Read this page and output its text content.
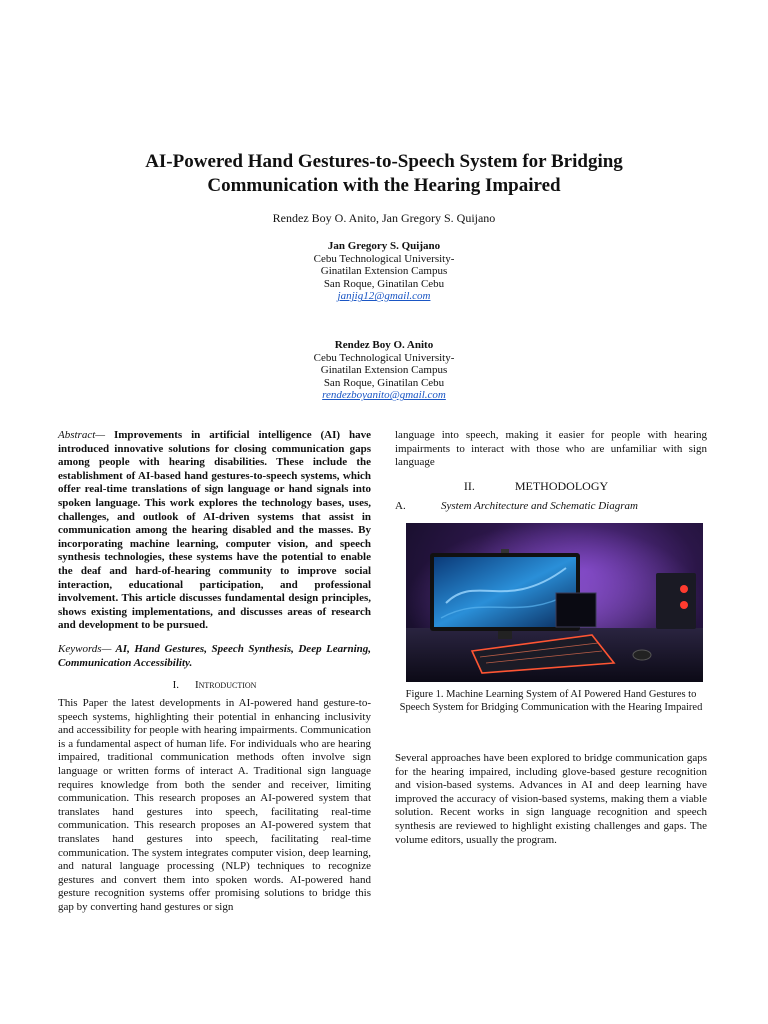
AI-Powered Hand Gestures-to-Speech System for Bridging
Communication with the Hearing Impaired
Rendez Boy O. Anito, Jan Gregory S. Quijano
Jan Gregory S. Quijano
Cebu Technological University-
Ginatilan Extension Campus
San Roque, Ginatilan Cebu
janjig12@gmail.com
Rendez Boy O. Anito
Cebu Technological University-
Ginatilan Extension Campus
San Roque, Ginatilan Cebu
rendezboyanito@gmail.com

Abstract— Improvements in artificial intelligence (AI) have introduced innovative solutions for closing communication gaps among people with hearing disabilities. These include the establishment of AI-based hand gestures-to-speech systems, which offer real-time translations of sign language or hand signals into spoken language. This work explores the technology bases, uses, challenges, and outlook of AI-driven systems that assist in communication among the hearing disabled and the masses. By incorporating machine learning, computer vision, and speech synthesis technologies, these systems have the potential to enable the deaf and hard-of-hearing community to improve social interaction, educational participation, and professional involvement. This article discusses fundamental design principles, shows existing implementations, and discusses areas of research and development to be pursued.

Keywords— AI, Hand Gestures, Speech Synthesis, Deep Learning, Communication Accessibility.

I. Introduction

This Paper the latest developments in AI-powered hand gesture-to-speech systems, highlighting their potential in enhancing inclusivity and accessibility for people with hearing impairments. Communication is a fundamental aspect of human life. For individuals who are hearing impaired, traditional communication methods often involve sign language or written forms of interact A. Traditional sign language requires knowledge from both the sender and receiver, limiting communication. This research proposes an AI-powered system that translates hand gestures into speech, facilitating real-time communication. This research proposes an AI-powered system that translates hand gestures into speech, facilitating real-time communication. The system integrates computer vision, deep learning, and natural language processing (NLP) techniques to recognize gestures and convert them into spoken words. AI-powered hand gesture recognition systems offer promising solutions to bridge this gap by converting hand gestures or sign

language into speech, making it easier for people with hearing impairments to interact with those who are unfamiliar with sign language

II.	METHODOLOGY
A.	System Architecture and Schematic Diagram
Figure 1. Machine Learning System of AI Powered Hand Gestures to Speech System for Bridging Communication with the Hearing Impaired

Several approaches have been explored to bridge communication gaps for the hearing impaired, including glove-based gesture recognition and vision-based systems. Advances in AI and deep learning have improved the accuracy of vision-based systems, making them a viable solution. Recent works in sign language recognition and speech synthesis are reviewed to highlight existing challenges and gaps. The volume editors, usually the program.
